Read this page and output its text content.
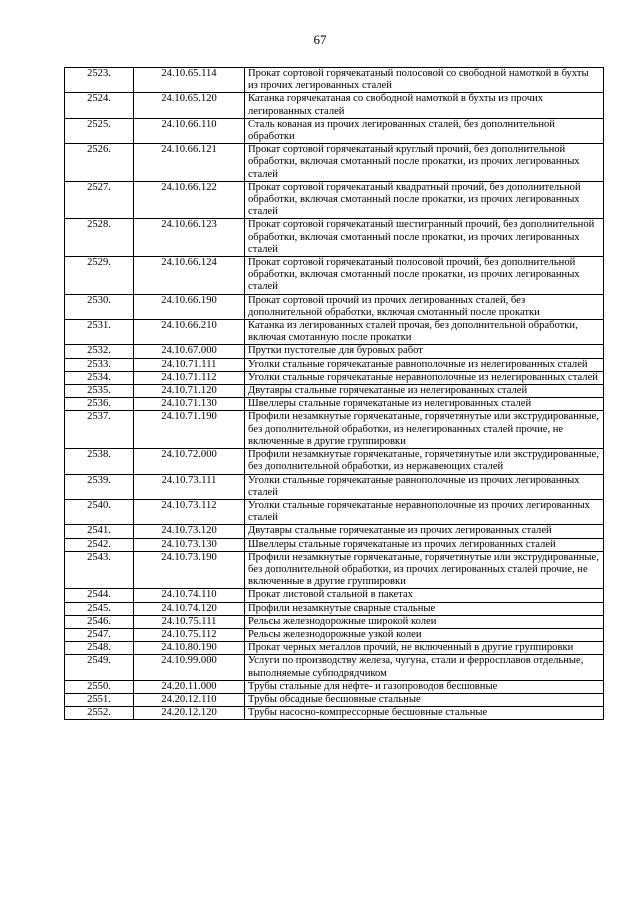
67
2523.	24.10.65.114	Прокат сортовой горячекатаный полосовой со свободной намоткой в бухты из прочих легированных сталей
2524.	24.10.65.120	Катанка горячекатаная со свободной намоткой в бухты из прочих легированных сталей
2525.	24.10.66.110	Сталь кованая из прочих легированных сталей, без дополнительной обработки
2526.	24.10.66.121	Прокат сортовой горячекатаный круглый прочий, без дополнительной обработки, включая смотанный после прокатки, из прочих легированных сталей
2527.	24.10.66.122	Прокат сортовой горячекатаный квадратный прочий, без дополнительной обработки, включая смотанный после прокатки, из прочих легированных сталей
2528.	24.10.66.123	Прокат сортовой горячекатаный шестигранный прочий, без дополнительной обработки, включая смотанный после прокатки, из прочих легированных сталей
2529.	24.10.66.124	Прокат сортовой горячекатаный полосовой прочий, без дополнительной обработки, включая смотанный после прокатки, из прочих легированных сталей
2530.	24.10.66.190	Прокат сортовой прочий из прочих легированных сталей, без дополнительной обработки, включая смотанный после прокатки
2531.	24.10.66.210	Катанка из легированных сталей прочая, без дополнительной обработки, включая смотанную после прокатки
2532.	24.10.67.000	Прутки пустотелые для буровых работ
2533.	24.10.71.111	Уголки стальные горячекатаные равнополочные из нелегированных сталей
2534.	24.10.71.112	Уголки стальные горячекатаные неравнополочные из нелегированных сталей
2535.	24.10.71.120	Двутавры стальные горячекатаные из нелегированных сталей
2536.	24.10.71.130	Швеллеры стальные горячекатаные из нелегированных сталей
2537.	24.10.71.190	Профили незамкнутые горячекатаные, горячетянутые или экструдированные, без дополнительной обработки, из нелегированных сталей прочие, не включенные в другие группировки
2538.	24.10.72.000	Профили незамкнутые горячекатаные, горячетянутые или экструдированные, без дополнительной обработки, из нержавеющих сталей
2539.	24.10.73.111	Уголки стальные горячекатаные равнополочные из прочих легированных сталей
2540.	24.10.73.112	Уголки стальные горячекатаные неравнополочные из прочих легированных сталей
2541.	24.10.73.120	Двутавры стальные горячекатаные из прочих легированных сталей
2542.	24.10.73.130	Швеллеры стальные горячекатаные из прочих легированных сталей
2543.	24.10.73.190	Профили незамкнутые горячекатаные, горячетянутые или экструдированные, без дополнительной обработки, из прочих легированных сталей прочие, не включенные в другие группировки
2544.	24.10.74.110	Прокат листовой стальной в пакетах
2545.	24.10.74.120	Профили незамкнутые сварные стальные
2546.	24.10.75.111	Рельсы железнодорожные широкой колеи
2547.	24.10.75.112	Рельсы железнодорожные узкой колеи
2548.	24.10.80.190	Прокат черных металлов прочий, не включенный в другие группировки
2549.	24.10.99.000	Услуги по производству железа, чугуна, стали и ферросплавов отдельные, выполняемые субподрядчиком
2550.	24.20.11.000	Трубы стальные для нефте- и газопроводов бесшовные
2551.	24.20.12.110	Трубы обсадные бесшовные стальные
2552.	24.20.12.120	Трубы насосно-компрессорные бесшовные стальные
